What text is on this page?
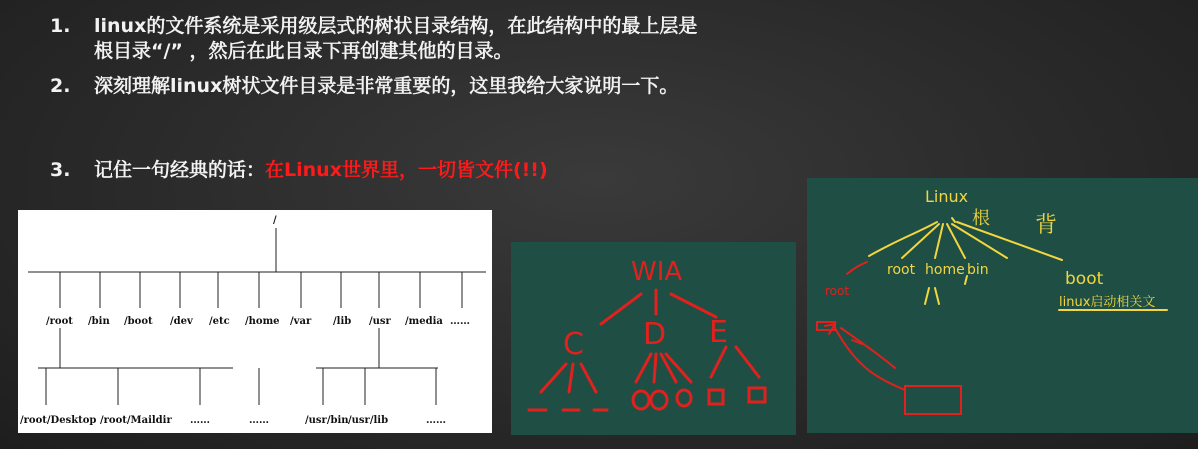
1.	linux的文件系统是采用级层式的树状目录结构，在此结构中的最上层是
根目录“/” ，然后在此目录下再创建其他的目录。
2.	深刻理解linux树状文件目录是非常重要的，这里我给大家说明一下。
3.	记住一句经典的话：在Linux世界里，一切皆文件(!!)
/
/root /bin /boot /dev /etc /home /var /lib /usr /media ……
/root/Desktop /root/Maildir ……	……	/usr/bin /usr/lib	……
WIA
C D E
Linux
根 背
root
root home bin	boot
linux启动相关文
